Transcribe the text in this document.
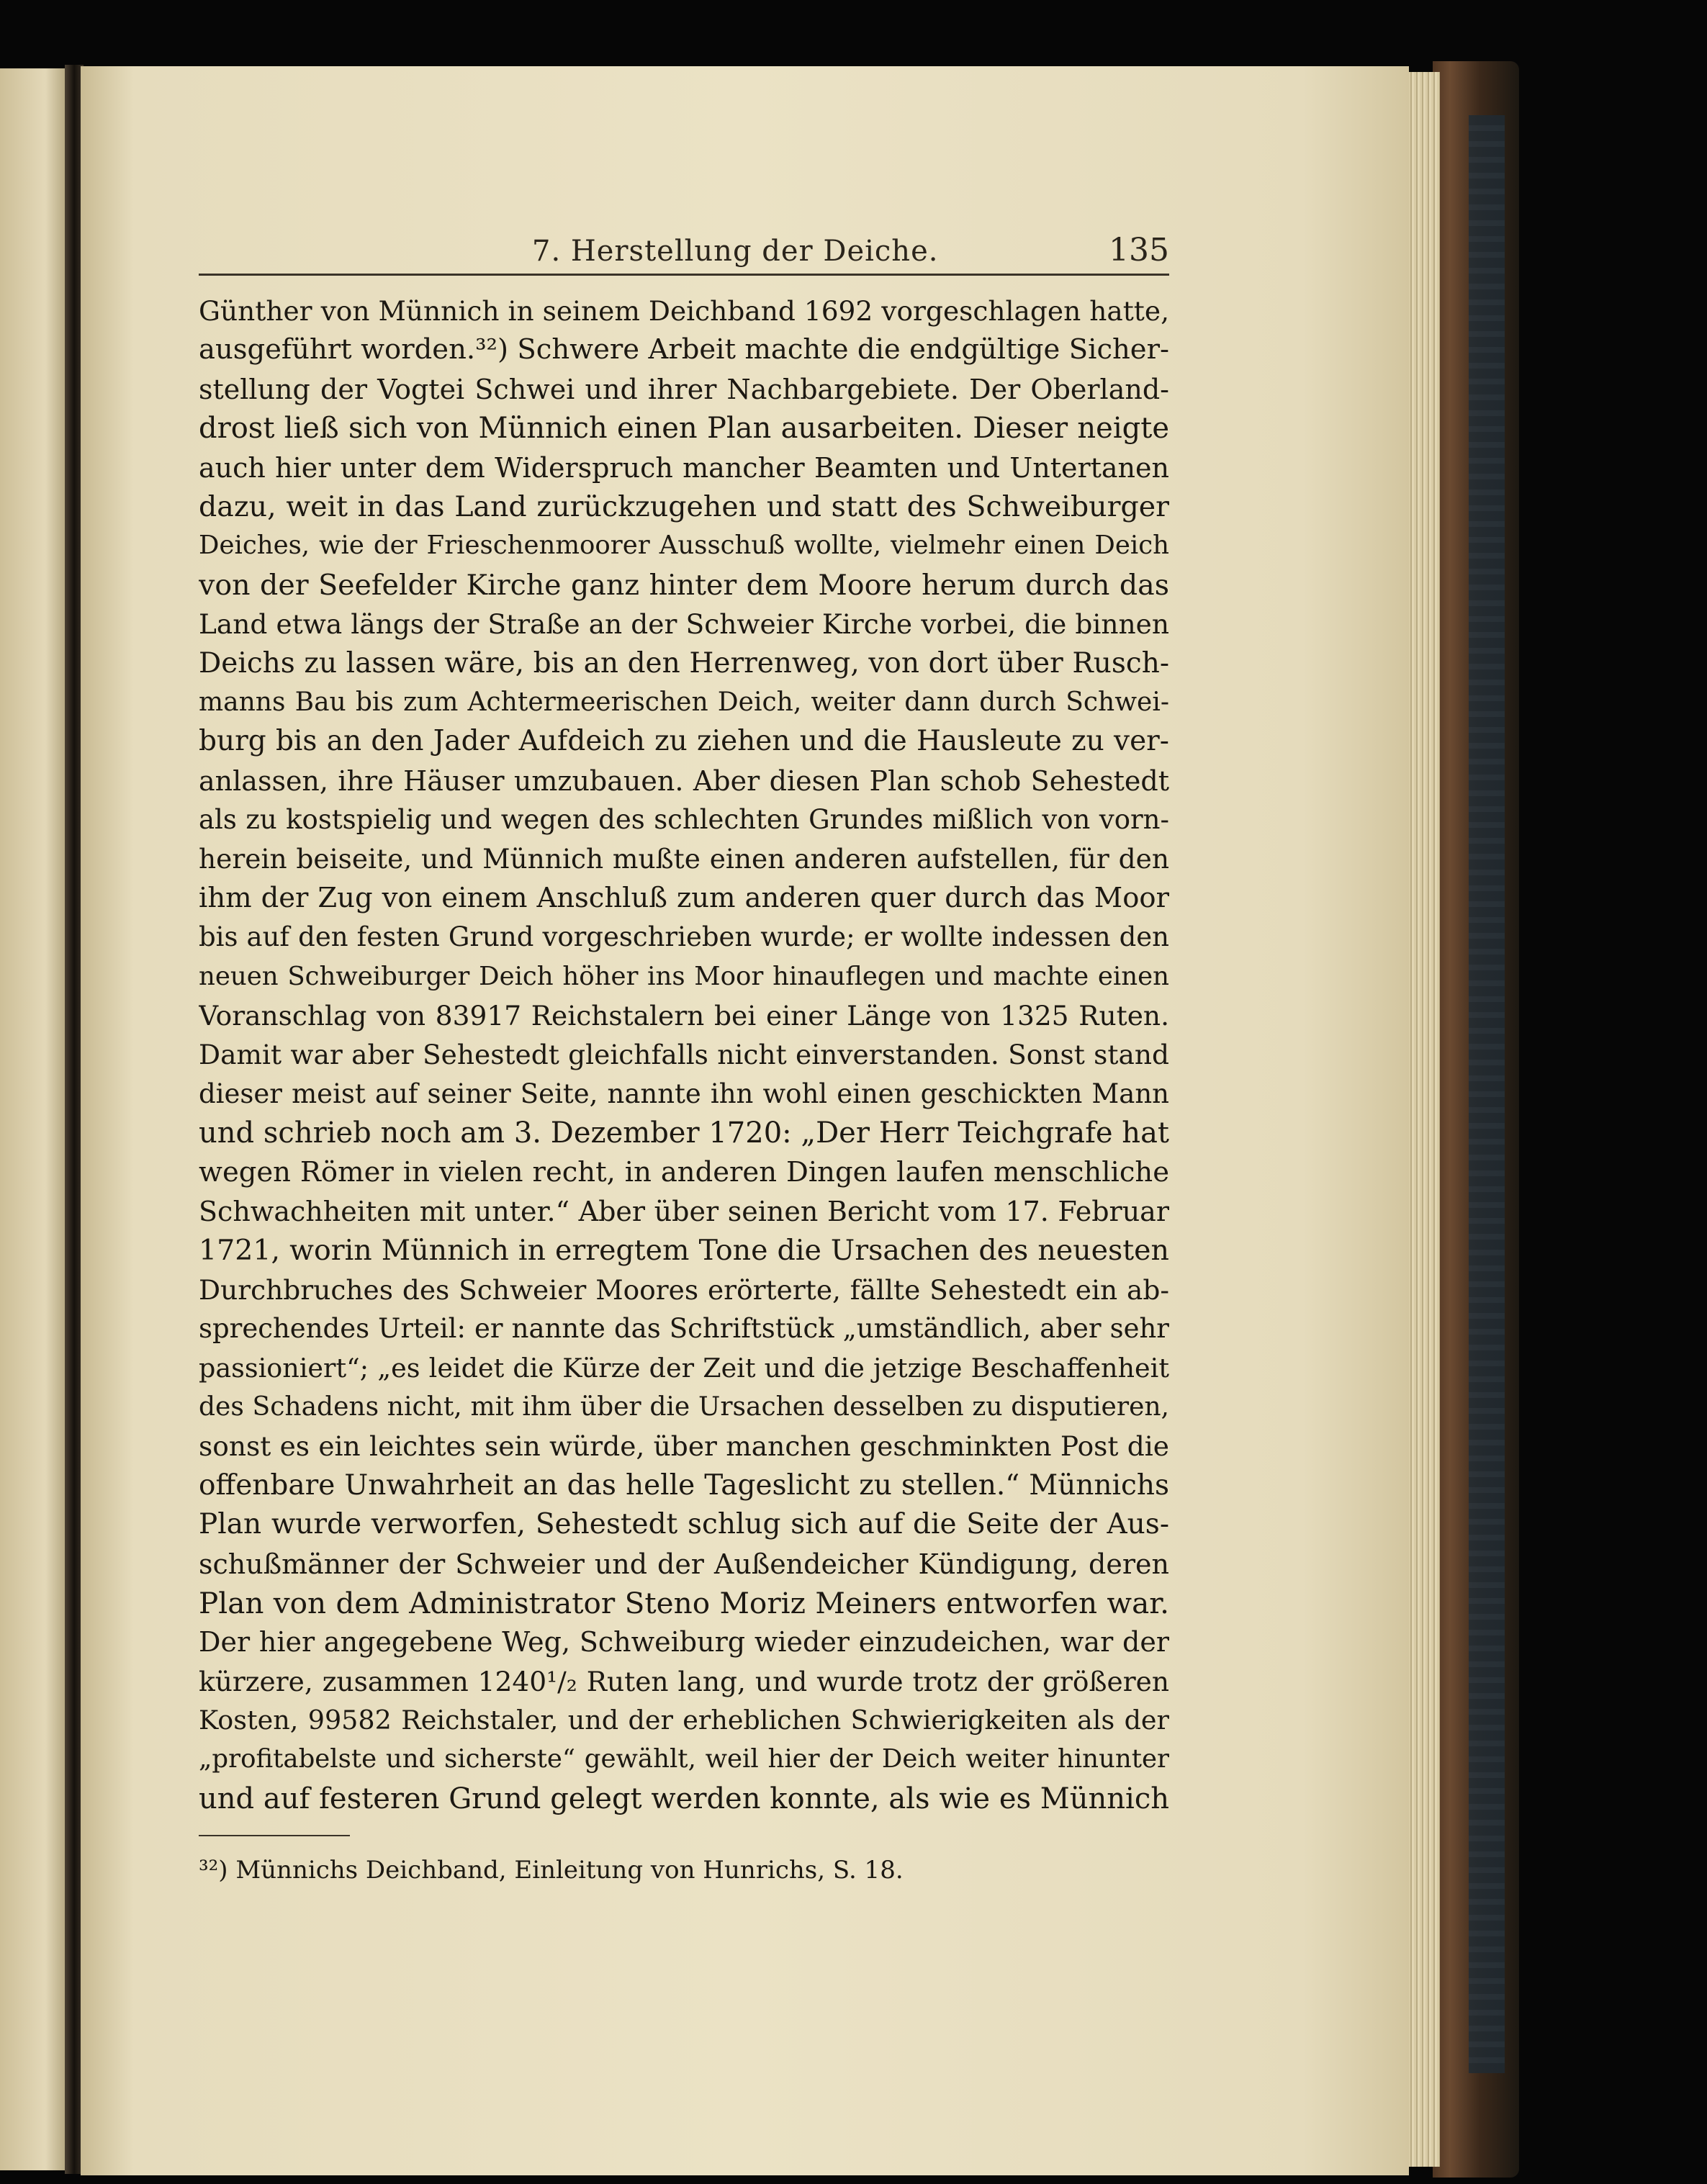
7. Herstellung der Deiche.	135
Günther von Münnich in seinem Deichband 1692 vorgeschlagen hatte,
ausgeführt worden.³²) Schwere Arbeit machte die endgültige Sicher-
stellung der Vogtei Schwei und ihrer Nachbargebiete. Der Oberland-
drost ließ sich von Münnich einen Plan ausarbeiten. Dieser neigte
auch hier unter dem Widerspruch mancher Beamten und Untertanen
dazu, weit in das Land zurückzugehen und statt des Schweiburger
Deiches, wie der Frieschenmoorer Ausschuß wollte, vielmehr einen Deich
von der Seefelder Kirche ganz hinter dem Moore herum durch das
Land etwa längs der Straße an der Schweier Kirche vorbei, die binnen
Deichs zu lassen wäre, bis an den Herrenweg, von dort über Rusch-
manns Bau bis zum Achtermeerischen Deich, weiter dann durch Schwei-
burg bis an den Jader Aufdeich zu ziehen und die Hausleute zu ver-
anlassen, ihre Häuser umzubauen. Aber diesen Plan schob Sehestedt
als zu kostspielig und wegen des schlechten Grundes mißlich von vorn-
herein beiseite, und Münnich mußte einen anderen aufstellen, für den
ihm der Zug von einem Anschluß zum anderen quer durch das Moor
bis auf den festen Grund vorgeschrieben wurde; er wollte indessen den
neuen Schweiburger Deich höher ins Moor hinauflegen und machte einen
Voranschlag von 83917 Reichstalern bei einer Länge von 1325 Ruten.
Damit war aber Sehestedt gleichfalls nicht einverstanden. Sonst stand
dieser meist auf seiner Seite, nannte ihn wohl einen geschickten Mann
und schrieb noch am 3. Dezember 1720: „Der Herr Teichgrafe hat
wegen Römer in vielen recht, in anderen Dingen laufen menschliche
Schwachheiten mit unter.“ Aber über seinen Bericht vom 17. Februar
1721, worin Münnich in erregtem Tone die Ursachen des neuesten
Durchbruches des Schweier Moores erörterte, fällte Sehestedt ein ab-
sprechendes Urteil: er nannte das Schriftstück „umständlich, aber sehr
passioniert“; „es leidet die Kürze der Zeit und die jetzige Beschaffenheit
des Schadens nicht, mit ihm über die Ursachen desselben zu disputieren,
sonst es ein leichtes sein würde, über manchen geschminkten Post die
offenbare Unwahrheit an das helle Tageslicht zu stellen.“ Münnichs
Plan wurde verworfen, Sehestedt schlug sich auf die Seite der Aus-
schußmänner der Schweier und der Außendeicher Kündigung, deren
Plan von dem Administrator Steno Moriz Meiners entworfen war.
Der hier angegebene Weg, Schweiburg wieder einzudeichen, war der
kürzere, zusammen 1240¹/₂ Ruten lang, und wurde trotz der größeren
Kosten, 99582 Reichstaler, und der erheblichen Schwierigkeiten als der
„profitabelste und sicherste“ gewählt, weil hier der Deich weiter hinunter
und auf festeren Grund gelegt werden konnte, als wie es Münnich
³²) Münnichs Deichband, Einleitung von Hunrichs, S. 18.
